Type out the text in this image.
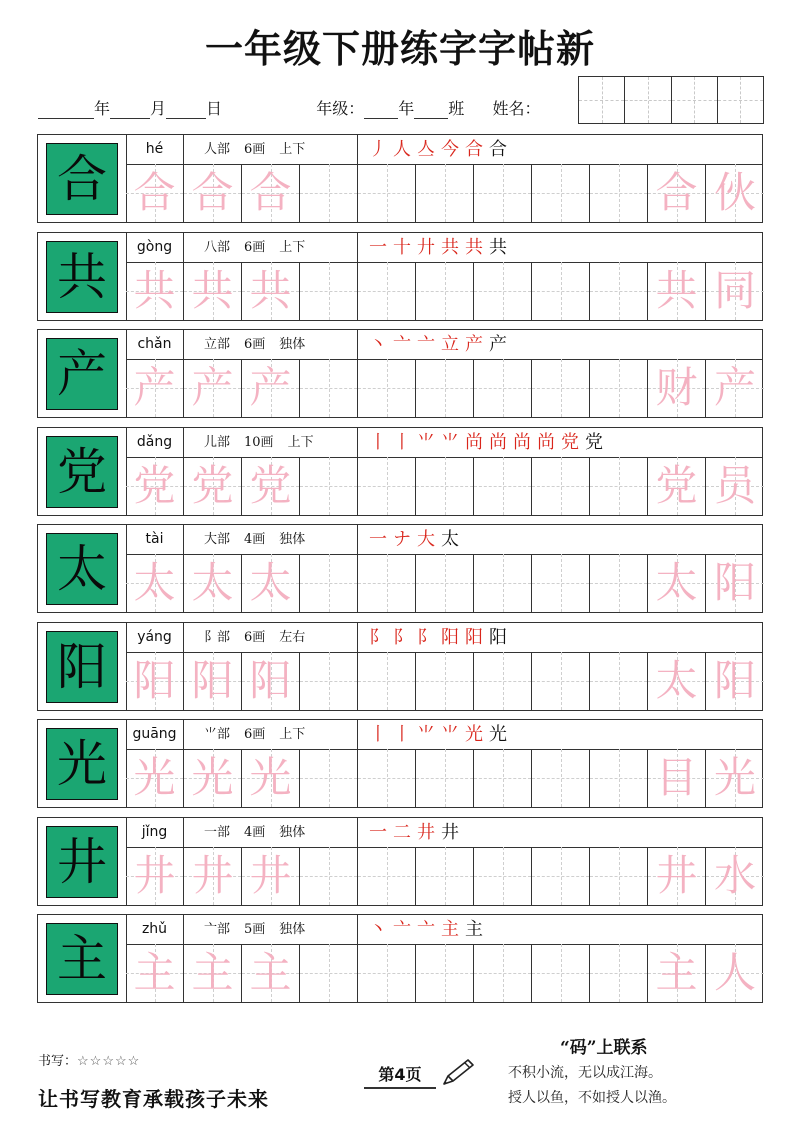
一年级下册练字字帖新
年	月	日	年级： 年 班 姓名：
合
hé	人部 6画 上下	丿 人 亼 今 合 合
合 合 合	合 伙
共
gòng	八部 6画 上下	一 十 廾 共 共 共
共 共 共	共 同
产
chǎn	立部 6画 独体	丶 亠 亠 立 产 产
产 产 产	财 产
党
dǎng	儿部 10画 上下	丨 丨 ⺌ ⺌ 尚 尚 尚 尚 党 党
党 党 党	党 员
太
tài	大部 4画 独体	一 ナ 大 太
太 太 太	太 阳
阳
yáng	阝部 6画 左右	阝 阝 阝 阳 阳 阳
阳 阳 阳	太 阳
光
guāng	⺌部 6画 上下	丨 丨 ⺌ ⺌ 光 光
光 光 光	目 光
井
jǐng	一部 4画 独体	一 二 井 井
井 井 井	井 水
主
zhǔ	亠部 5画 独体	丶 亠 亠 主 主
主 主 主	主 人
书写：☆☆☆☆☆
让书写教育承载孩子未来
第4页
“码”上联系
不积小流，无以成江海。
授人以鱼，不如授人以渔。
